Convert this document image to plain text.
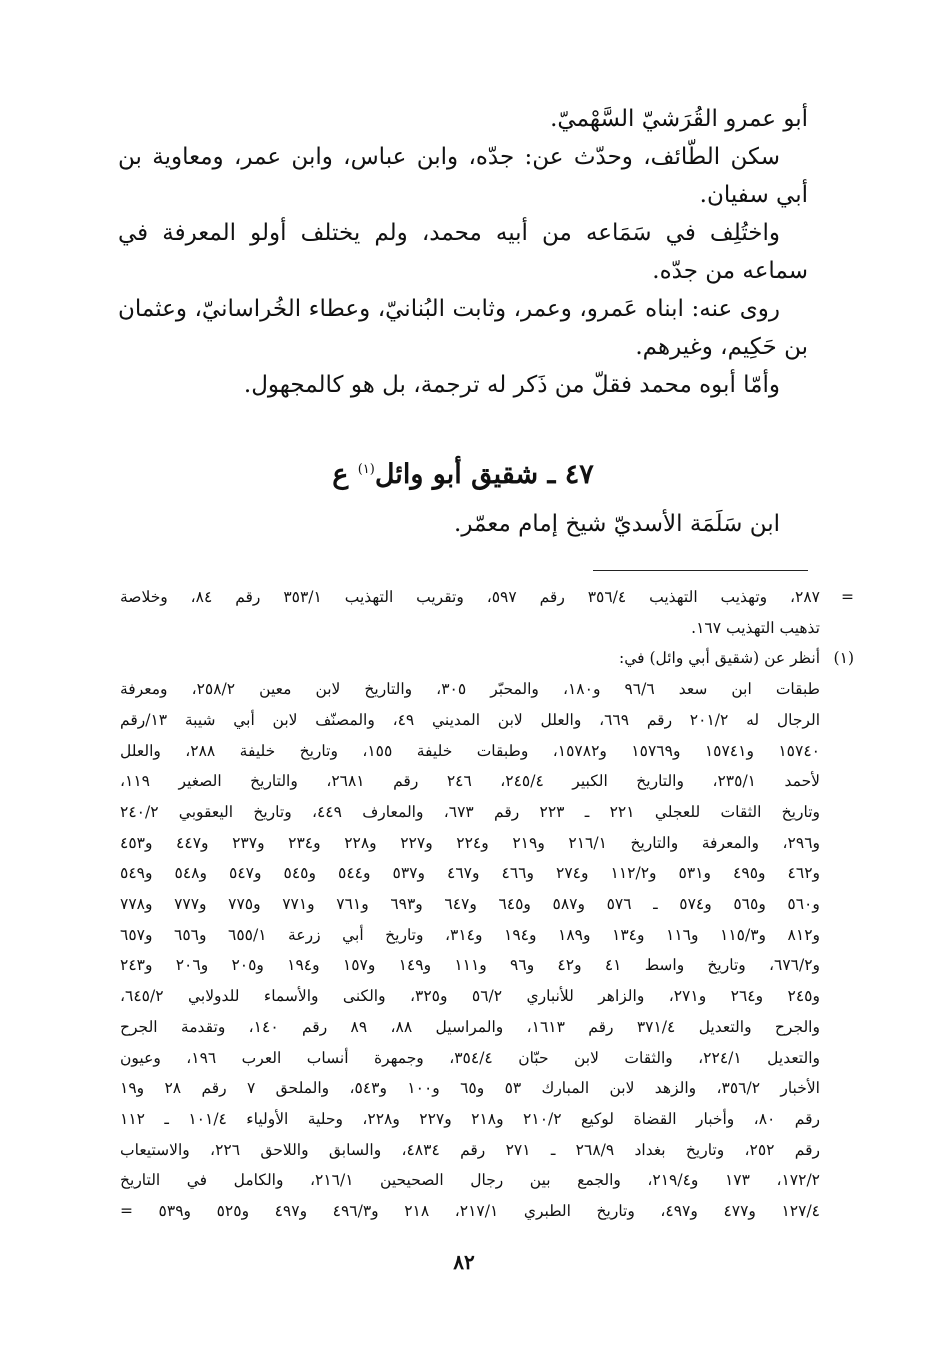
أبو عمرو القُرَشيّ السَّهْميّ.

سكن الطّائف، وحدّث عن: جدّه، وابن عباس، وابن عمر، ومعاوية بن أبي سفيان.

واختُلِف في سَمَاعه من أبيه محمد، ولم يختلف أولو المعرفة في سماعه من جدّه.

روى عنه: ابناه عَمرو، وعمر، وثابت البُنانيّ، وعطاء الخُراسانيّ، وعثمان بن حَكِيم، وغيرهم.

وأمّا أبوه محمد فقلّ من ذَكر له ترجمة، بل هو كالمجهول.

٤٧ ـ شقيق أبو وائل$^{(١)}$ ع
ابن سَلَمَة الأسديّ شيخ إمام معمّر.
=
٢٨٧، وتهذيب التهذيب ٣٥٦/٤ رقم ٥٩٧، وتقريب التهذيب ٣٥٣/١ رقم ٨٤، وخلاصة
تذهيب التهذيب ١٦٧.
(١)
أنظر عن (شقيق أبي وائل) في:
طبقات ابن سعد ٩٦/٦ و١٨٠، والمحبّر ٣٠٥، والتاريخ لابن معين ٢٥٨/٢، ومعرفة
الرجال له ٢٠١/٢ رقم ٦٦٩، والعلل لابن المديني ٤٩، والمصنّف لابن أبي شيبة ١٣/رقم
١٥٧٤٠ و١٥٧٤١ و١٥٧٦٩ و١٥٧٨٢، وطبقات خليفة ١٥٥، وتاريخ خليفة ٢٨٨، والعلل
لأحمد ٢٣٥/١، والتاريخ الكبير ٢٤٥/٤، ٢٤٦ رقم ٢٦٨١، والتاريخ الصغير ١١٩،
وتاريخ الثقات للعجلي ٢٢١ ـ ٢٢٣ رقم ٦٧٣، والمعارف ٤٤٩، وتاريخ اليعقوبي ٢٤٠/٢
و٢٩٦، والمعرفة والتاريخ ٢١٦/١ و٢١٩ و٢٢٤ و٢٢٧ و٢٢٨ و٢٣٤ و٢٣٧ و٤٤٧ و٤٥٣
و٤٦٢ و٤٩٥ و٥٣١ و١١٢/٢ و٢٧٤ و٤٦٦ و٤٦٧ و٥٣٧ و٥٤٤ و٥٤٥ و٥٤٧ و٥٤٨ و٥٤٩
و٥٦٠ و٥٦٥ و٥٧٤ ـ ٥٧٦ و٥٨٧ و٦٤٥ و٦٤٧ و٦٩٣ و٧٦١ و٧٧١ و٧٧٥ و٧٧٧ و٧٧٨
و٨١٢ و١١٥/٣ و١١٦ و١٣٤ و١٨٩ و١٩٤ و٣١٤، وتاريخ أبي زرعة ٦٥٥/١ و٦٥٦ و٦٥٧
و٦٧٦/٢، وتاريخ واسط ٤١ و٤٢ و٩٦ و١١١ و١٤٩ و١٥٧ و١٩٤ و٢٠٥ و٢٠٦ و٢٤٣
و٢٤٥ و٢٦٤ و٢٧١، والزاهر للأنباري ٥٦/٢ و٣٢٥، والكنى والأسماء للدولابي ٦٤٥/٢،
والجرح والتعديل ٣٧١/٤ رقم ١٦١٣، والمراسيل ٨٨، ٨٩ رقم ١٤٠، وتقدمة الجرح
والتعديل ٢٢٤/١، والثقات لابن حبّان ٣٥٤/٤، وجمهرة أنساب العرب ١٩٦، وعيون
الأخبار ٣٥٦/٢، والزهد لابن المبارك ٥٣ و٦٥ و١٠٠ و٥٤٣، والملحق ٧ رقم ٢٨ و١٩
رقم ٨٠، وأخبار القضاة لوكيع ٢١٠/٢ و٢١٨ و٢٢٧ و٢٢٨، وحلية الأولياء ١٠١/٤ ـ ١١٢
رقم ٢٥٢، وتاريخ بغداد ٢٦٨/٩ ـ ٢٧١ رقم ٤٨٣٤، والسابق واللاحق ٢٢٦، والاستيعاب
١٧٢/٢، ١٧٣ و٢١٩/٤، والجمع بين رجال الصحيحين ٢١٦/١، والكامل في التاريخ
١٢٧/٤ و٤٧٧ و٤٩٧، وتاريخ الطبري ٢١٧/١، ٢١٨ و٤٩٦/٣ و٤٩٧ و٥٢٥ و٥٣٩ =
٨٢
